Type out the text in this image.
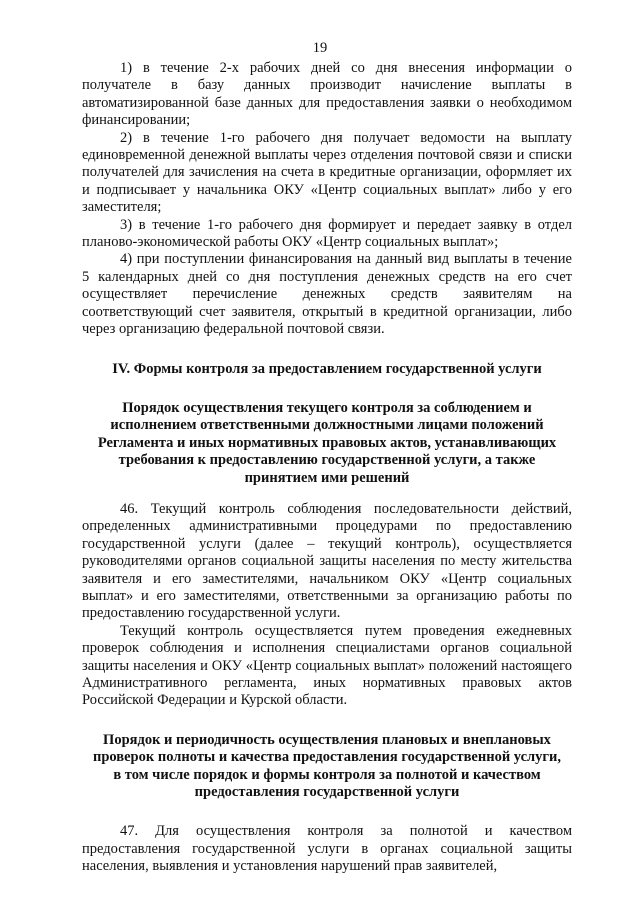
19

1) в течение 2-х рабочих дней со дня внесения информации о получателе в базу данных производит начисление выплаты в автоматизированной базе данных для предоставления заявки о необходимом финансировании;

2) в течение 1-го рабочего дня получает ведомости на выплату единовременной денежной выплаты через отделения почтовой связи и списки получателей для зачисления на счета в кредитные организации, оформляет их и подписывает у начальника ОКУ «Центр социальных выплат» либо у его заместителя;

3) в течение 1-го рабочего дня формирует и передает заявку в отдел планово-экономической работы ОКУ «Центр социальных выплат»;

4) при поступлении финансирования на данный вид выплаты в течение 5 календарных дней со дня поступления денежных средств на его счет осуществляет перечисление денежных средств заявителям на соответствующий счет заявителя, открытый в кредитной организации, либо через организацию федеральной почтовой связи.

IV. Формы контроля за предоставлением государственной услуги

Порядок осуществления текущего контроля за соблюдением и исполнением ответственными должностными лицами положений Регламента и иных нормативных правовых актов, устанавливающих требования к предоставлению государственной услуги, а также принятием ими решений

46. Текущий контроль соблюдения последовательности действий, определенных административными процедурами по предоставлению государственной услуги (далее – текущий контроль), осуществляется руководителями органов социальной защиты населения по месту жительства заявителя и его заместителями, начальником ОКУ «Центр социальных выплат» и его заместителями, ответственными за организацию работы по предоставлению государственной услуги.

Текущий контроль осуществляется путем проведения ежедневных проверок соблюдения и исполнения специалистами органов социальной защиты населения и ОКУ «Центр социальных выплат» положений настоящего Административного регламента, иных нормативных правовых актов Российской Федерации и Курской области.

Порядок и периодичность осуществления плановых и внеплановых проверок полноты и качества предоставления государственной услуги, в том числе порядок и формы контроля за полнотой и качеством предоставления государственной услуги

47. Для осуществления контроля за полнотой и качеством предоставления государственной услуги в органах социальной защиты населения, выявления и установления нарушений прав заявителей,
